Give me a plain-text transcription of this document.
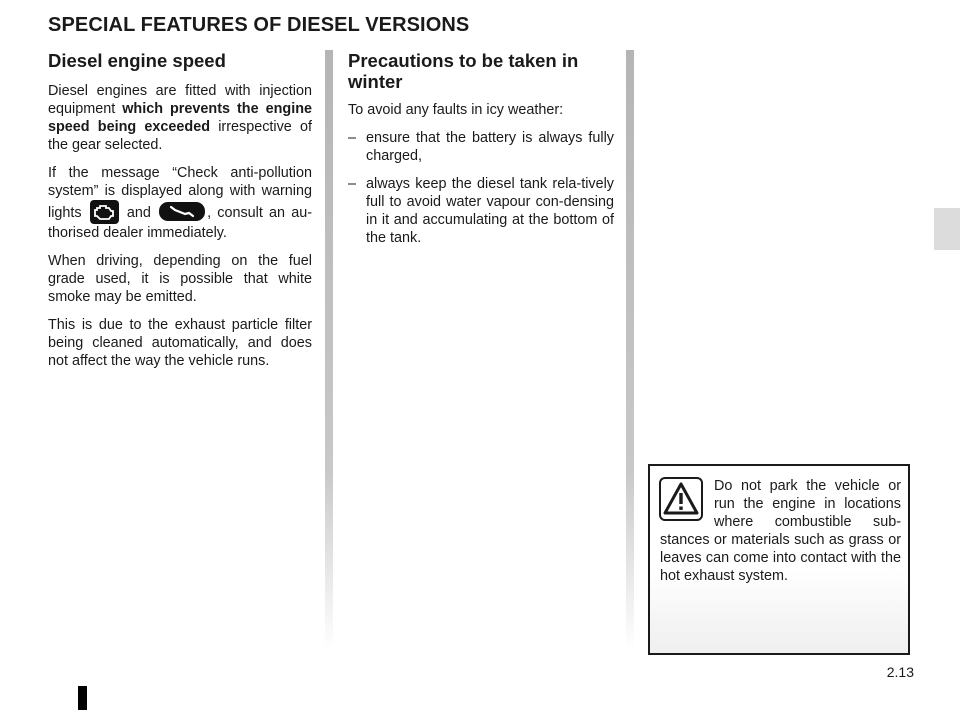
SPECIAL FEATURES OF DIESEL VERSIONS
Diesel engine speed

Diesel engines are fitted with injection equipment which prevents the engine speed being exceeded irrespective of the gear selected.

If the message “Check anti-pollution system” is displayed along with warning lights  and	, consult an au-thorised dealer immediately.

When driving, depending on the fuel grade used, it is possible that white smoke may be emitted.

This is due to the exhaust particle filter being cleaned automatically, and does not affect the way the vehicle runs.

Precautions to be taken in winter

To avoid any faults in icy weather:

– ensure that the battery is always fully charged,
– always keep the diesel tank rela-tively full to avoid water vapour con-densing in it and accumulating at the bottom of the tank.

Do not park the vehicle or run the engine in locations where combustible sub-stances or materials such as grass or leaves can come into contact with the hot exhaust system.

2.13
